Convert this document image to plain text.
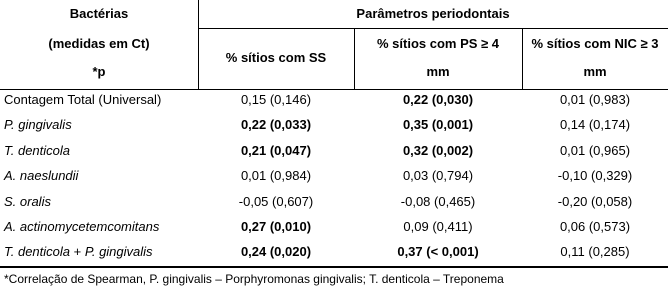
Bactérias
(medidas em Ct)
*p
Parâmetros periodontais
% sítios com SS
% sítios com PS ≥ 4
mm
% sítios com NIC ≥ 3
mm
Contagem Total (Universal)	0,15 (0,146)	0,22 (0,030)	0,01 (0,983)
P. gingivalis	0,22 (0,033)	0,35 (0,001)	0,14 (0,174)
T. denticola	0,21 (0,047)	0,32 (0,002)	0,01 (0,965)
A. naeslundii	0,01 (0,984)	0,03 (0,794)	-0,10 (0,329)
S. oralis	-0,05 (0,607)	-0,08 (0,465)	-0,20 (0,058)
A. actinomycetemcomitans	0,27 (0,010)	0,09 (0,411)	0,06 (0,573)
T. denticola + P. gingivalis	0,24 (0,020)	0,37 (< 0,001)	0,11 (0,285)
*Correlação de Spearman, P. gingivalis – Porphyromonas gingivalis; T. denticola – Treponema
